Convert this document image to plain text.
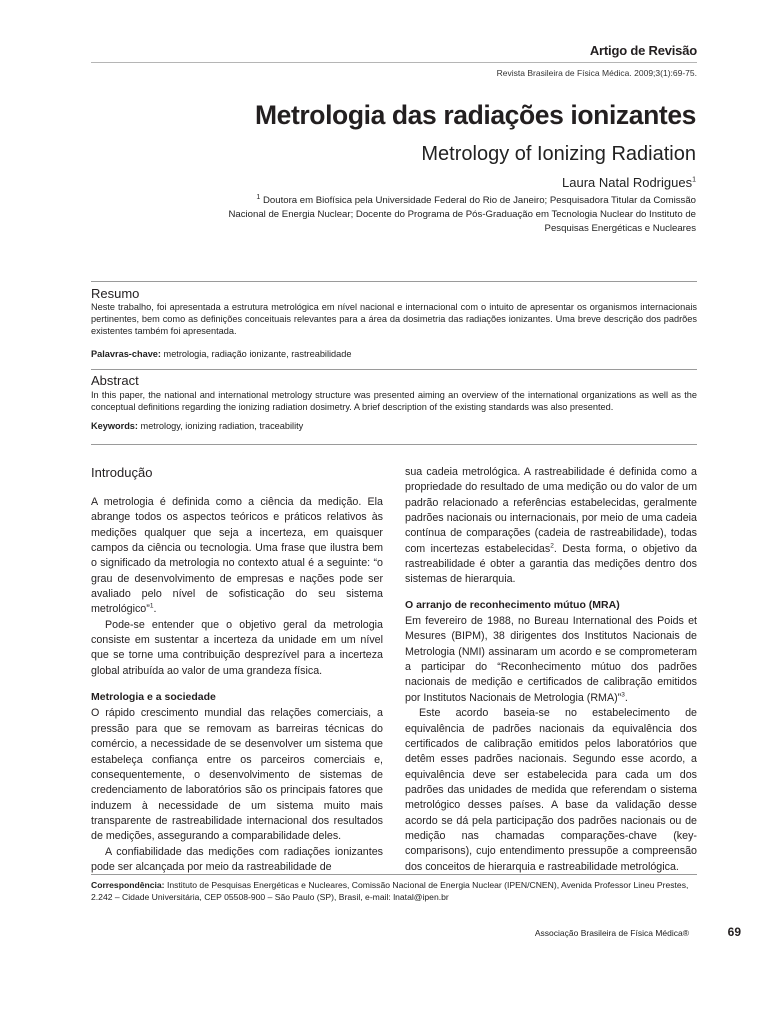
Artigo de Revisão
Revista Brasileira de Física Médica. 2009;3(1):69-75.
Metrologia das radiações ionizantes
Metrology of Ionizing Radiation
Laura Natal Rodrigues$^1$
$^1$ Doutora em Biofísica pela Universidade Federal do Rio de Janeiro; Pesquisadora Titular da Comissão Nacional de Energia Nuclear; Docente do Programa de Pós-Graduação em Tecnologia Nuclear do Instituto de Pesquisas Energéticas e Nucleares
Resumo
Neste trabalho, foi apresentada a estrutura metrológica em nível nacional e internacional com o intuito de apresentar os organismos internacionais pertinentes, bem como as definições conceituais relevantes para a área da dosimetria das radiações ionizantes. Uma breve descrição dos padrões existentes também foi apresentada.
Palavras-chave: metrologia, radiação ionizante, rastreabilidade
Abstract
In this paper, the national and international metrology structure was presented aiming an overview of the international organizations as well as the conceptual definitions regarding the ionizing radiation dosimetry. A brief description of the existing standards was also presented.
Keywords: metrology, ionizing radiation, traceability
Introdução

A metrologia é definida como a ciência da medição. Ela abrange todos os aspectos teóricos e práticos relativos às medições qualquer que seja a incerteza, em quaisquer campos da ciência ou tecnologia. Uma frase que ilustra bem o significado da metrologia no contexto atual é a seguinte: “o grau de desenvolvimento de empresas e nações pode ser avaliado pelo nível de sofisticação do seu sistema metrológico”$^1$.

Pode-se entender que o objetivo geral da metrologia consiste em sustentar a incerteza da unidade em um nível que se torne uma contribuição desprezível para a incerteza global atribuída ao valor de uma grandeza física.

Metrologia e a sociedade

O rápido crescimento mundial das relações comerciais, a pressão para que se removam as barreiras técnicas do comércio, a necessidade de se desenvolver um sistema que estabeleça confiança entre os parceiros comerciais e, consequentemente, o desenvolvimento de sistemas de credenciamento de laboratórios são os principais fatores que induzem à necessidade de um sistema muito mais transparente de rastreabilidade internacional dos resultados de medições, assegurando a comparabilidade deles.

A confiabilidade das medições com radiações ionizantes pode ser alcançada por meio da rastreabilidade de

sua cadeia metrológica. A rastreabilidade é definida como a propriedade do resultado de uma medição ou do valor de um padrão relacionado a referências estabelecidas, geralmente padrões nacionais ou internacionais, por meio de uma cadeia contínua de comparações (cadeia de rastreabilidade), todas com incertezas estabelecidas$^2$. Desta forma, o objetivo da rastreabilidade é obter a garantia das medições dentro dos sistemas de hierarquia.

O arranjo de reconhecimento mútuo (MRA)

Em fevereiro de 1988, no Bureau International des Poids et Mesures (BIPM), 38 dirigentes dos Institutos Nacionais de Metrologia (NMI) assinaram um acordo e se comprometeram a participar do “Reconhecimento mútuo dos padrões nacionais de medição e certificados de calibração emitidos por Institutos Nacionais de Metrologia (RMA)”$^3$.

Este acordo baseia-se no estabelecimento de equivalência de padrões nacionais da equivalência dos certificados de calibração emitidos pelos laboratórios que detêm esses padrões nacionais. Segundo esse acordo, a equivalência deve ser estabelecida para cada um dos padrões das unidades de medida que referendam o sistema metrológico desses países. A base da validação desse acordo se dá pela participação dos padrões nacionais ou de medição nas chamadas comparações-chave (key-comparisons), cujo entendimento pressupõe a compreensão dos conceitos de hierarquia e rastreabilidade metrológica.

Correspondência: Instituto de Pesquisas Energéticas e Nucleares, Comissão Nacional de Energia Nuclear (IPEN/CNEN), Avenida Professor Lineu Prestes, 2.242 – Cidade Universitária, CEP 05508-900 – São Paulo (SP), Brasil, e-mail: lnatal@ipen.br
Associação Brasileira de Física Médica®	69
